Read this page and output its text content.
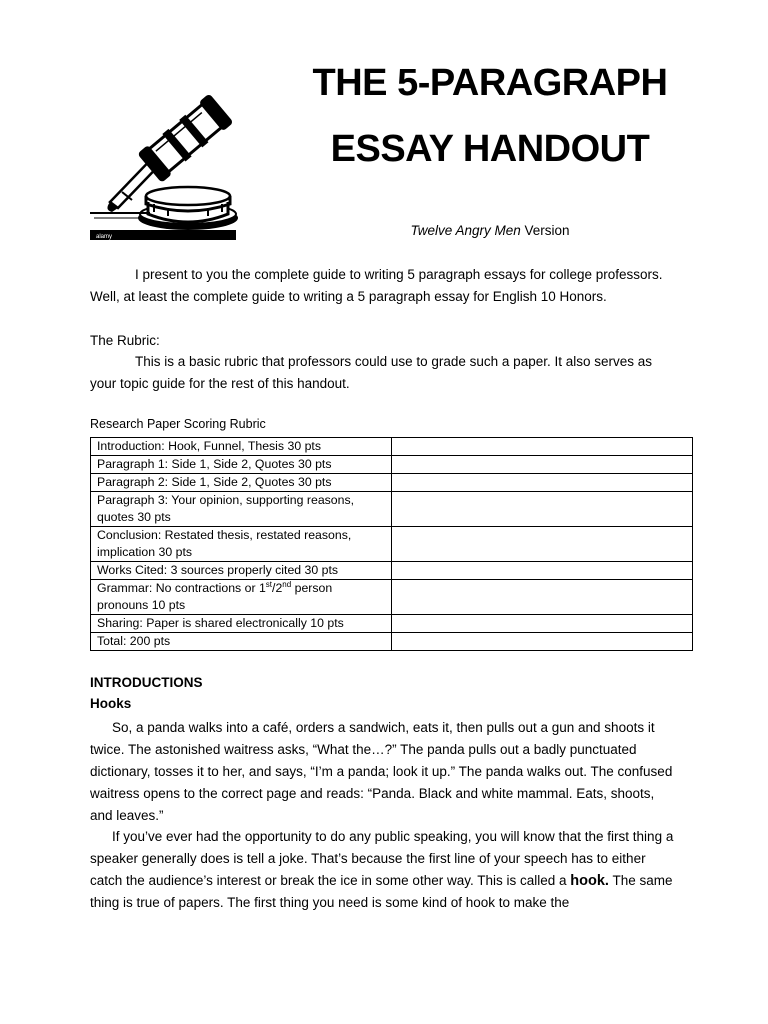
alamy
THE 5-PARAGRAPH
ESSAY HANDOUT
Twelve Angry Men Version
I present to you the complete guide to writing 5 paragraph essays for college professors. Well, at least the complete guide to writing a 5 paragraph essay for English 10 Honors.
The Rubric:
This is a basic rubric that professors could use to grade such a paper. It also serves as your topic guide for the rest of this handout.
Research Paper Scoring Rubric
Introduction: Hook, Funnel, Thesis 30 pts	
Paragraph 1: Side 1, Side 2, Quotes 30 pts	
Paragraph 2: Side 1, Side 2, Quotes 30 pts	
Paragraph 3: Your opinion, supporting reasons, quotes 30 pts	
Conclusion: Restated thesis, restated reasons, implication 30 pts	
Works Cited: 3 sources properly cited 30 pts	
Grammar: No contractions or 1st/2nd person pronouns 10 pts	
Sharing: Paper is shared electronically 10 pts	
Total: 200 pts	
INTRODUCTIONS
Hooks
So, a panda walks into a café, orders a sandwich, eats it, then pulls out a gun and shoots it twice. The astonished waitress asks, “What the…?” The panda pulls out a badly punctuated dictionary, tosses it to her, and says, “I’m a panda; look it up.” The panda walks out. The confused waitress opens to the correct page and reads: “Panda. Black and white mammal. Eats, shoots, and leaves.”
If you’ve ever had the opportunity to do any public speaking, you will know that the first thing a speaker generally does is tell a joke. That’s because the first line of your speech has to either catch the audience’s interest or break the ice in some other way. This is called a hook. The same thing is true of papers. The first thing you need is some kind of hook to make the
